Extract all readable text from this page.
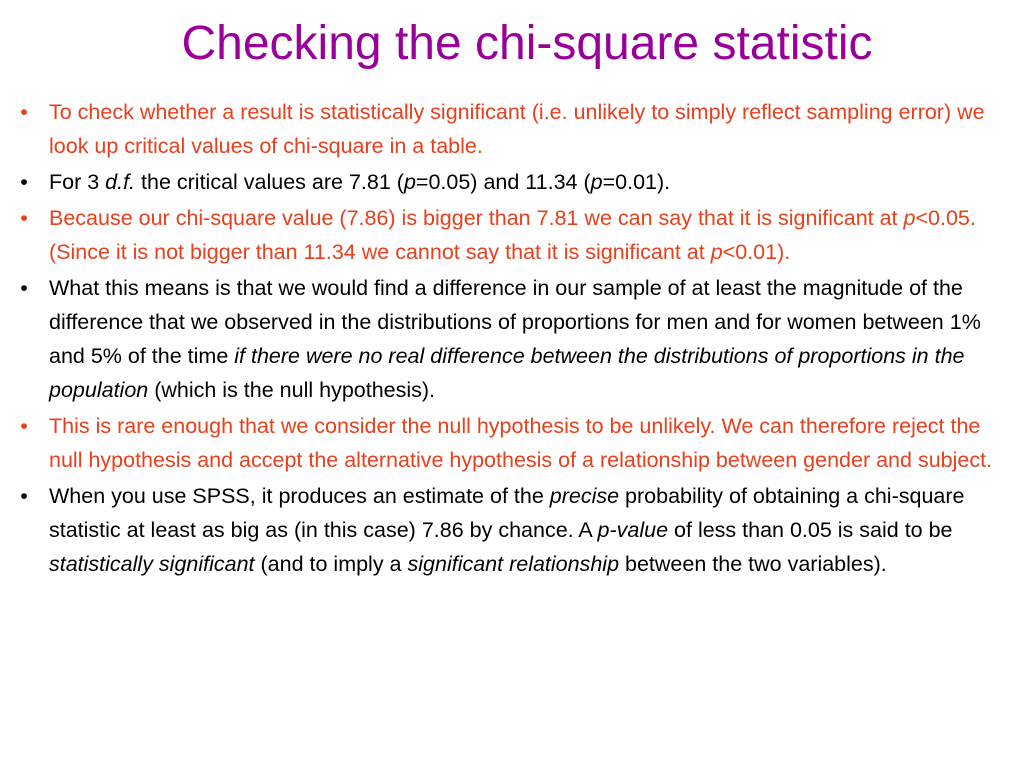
Checking the chi-square statistic
• To check whether a result is statistically significant (i.e. unlikely to simply reflect sampling error) we look up critical values of chi-square in a table.
• For 3 d.f. the critical values are 7.81 (p=0.05) and 11.34 (p=0.01).
• Because our chi-square value (7.86) is bigger than 7.81 we can say that it is significant at p<0.05. (Since it is not bigger than 11.34 we cannot say that it is significant at p<0.01).
• What this means is that we would find a difference in our sample of at least the magnitude of the difference that we observed in the distributions of proportions for men and for women between 1% and 5% of the time if there were no real difference between the distributions of proportions in the population (which is the null hypothesis).
• This is rare enough that we consider the null hypothesis to be unlikely. We can therefore reject the null hypothesis and accept the alternative hypothesis of a relationship between gender and subject.
• When you use SPSS, it produces an estimate of the precise probability of obtaining a chi-square statistic at least as big as (in this case) 7.86 by chance. A p-value of less than 0.05 is said to be statistically significant (and to imply a significant relationship between the two variables).
